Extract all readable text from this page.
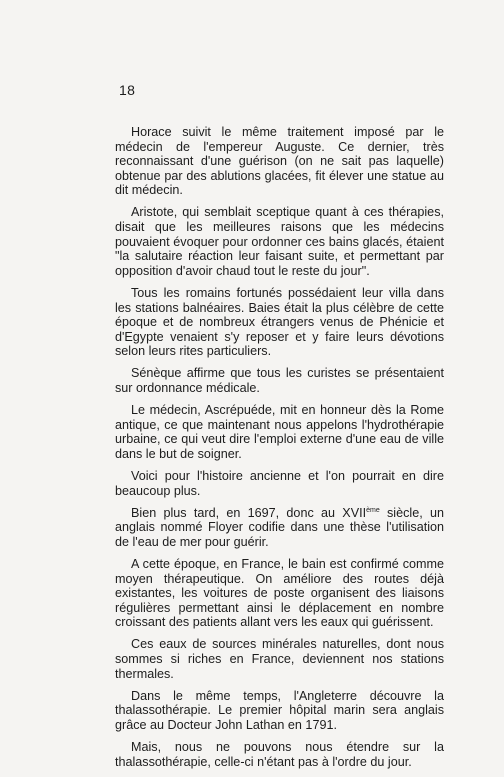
18

Horace suivit le même traitement imposé par le médecin de l'empereur Auguste. Ce dernier, très reconnaissant d'une guérison (on ne sait pas laquelle) obtenue par des ablutions glacées, fit élever une statue au dit médecin.

Aristote, qui semblait sceptique quant à ces thérapies, disait que les meilleures raisons que les médecins pouvaient évoquer pour ordonner ces bains glacés, étaient "la salutaire réaction leur faisant suite, et permettant par opposition d'avoir chaud tout le reste du jour".

Tous les romains fortunés possédaient leur villa dans les stations balnéaires. Baies était la plus célèbre de cette époque et de nombreux étrangers venus de Phénicie et d'Egypte venaient s'y reposer et y faire leurs dévotions selon leurs rites particuliers.

Sénèque affirme que tous les curistes se présentaient sur ordonnance médicale.

Le médecin, Ascrépuéde, mit en honneur dès la Rome antique, ce que maintenant nous appelons l'hydrothérapie urbaine, ce qui veut dire l'emploi externe d'une eau de ville dans le but de soigner.

Voici pour l'histoire ancienne et l'on pourrait en dire beaucoup plus.

Bien plus tard, en 1697, donc au XVIIème siècle, un anglais nommé Floyer codifie dans une thèse l'utilisation de l'eau de mer pour guérir.

A cette époque, en France, le bain est confirmé comme moyen thérapeutique. On améliore des routes déjà existantes, les voitures de poste organisent des liaisons régulières permettant ainsi le déplacement en nombre croissant des patients allant vers les eaux qui guérissent.

Ces eaux de sources minérales naturelles, dont nous sommes si riches en France, deviennent nos stations thermales.

Dans le même temps, l'Angleterre découvre la thalassothérapie. Le premier hôpital marin sera anglais grâce au Docteur John Lathan en 1791.

Mais, nous ne pouvons nous étendre sur la thalassothérapie, celle-ci n'étant pas à l'ordre du jour.
